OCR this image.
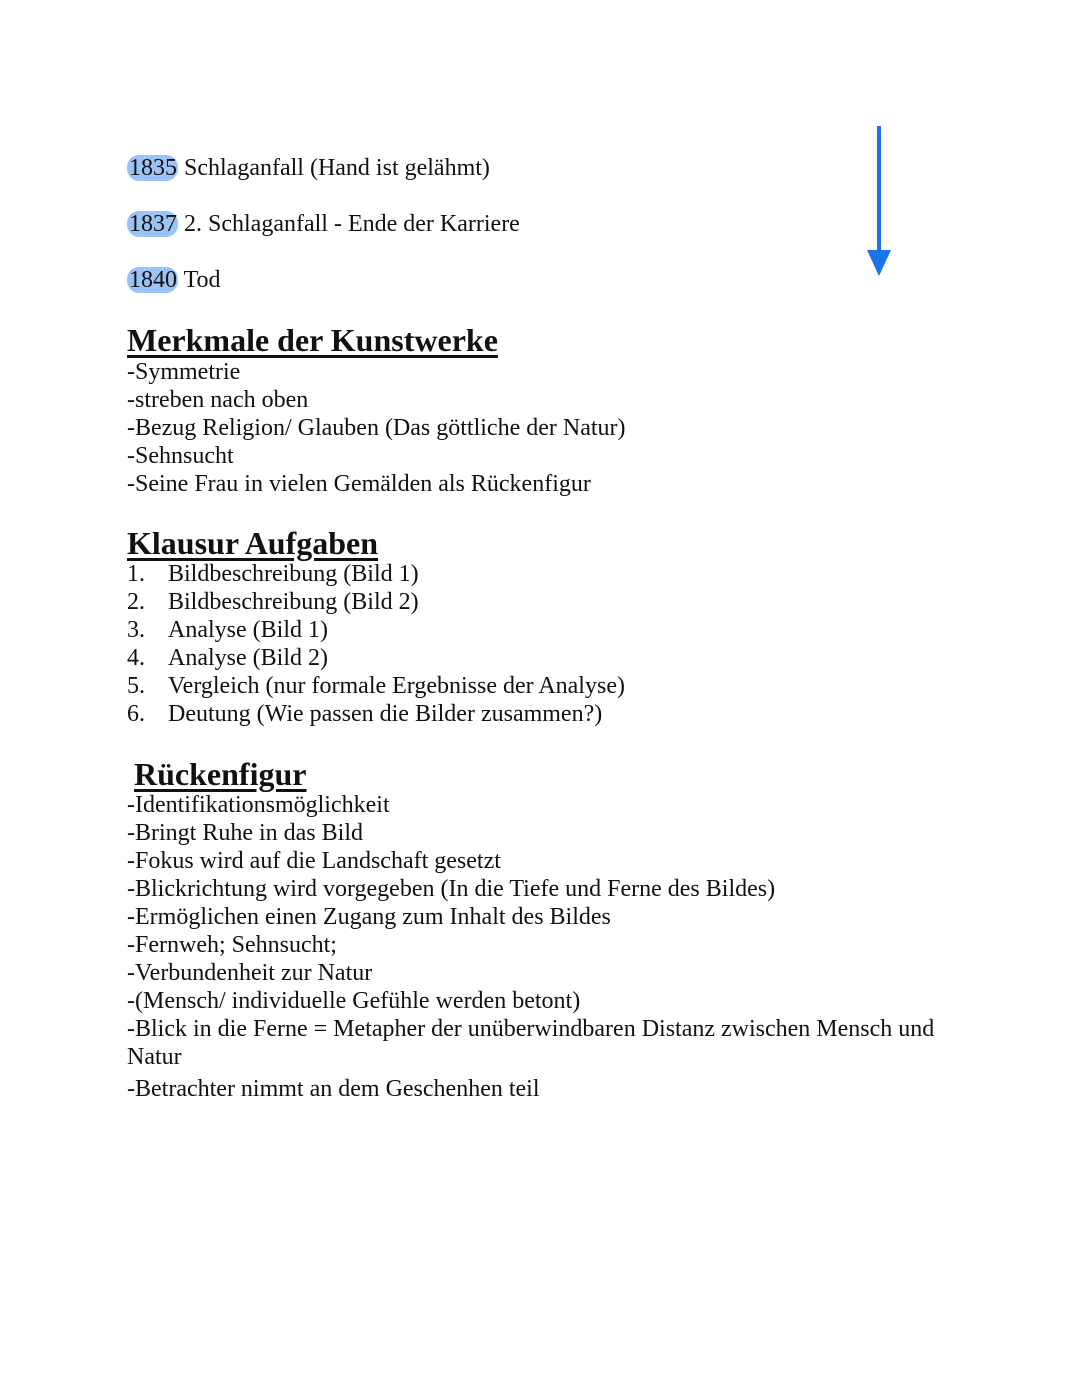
1835 Schlaganfall (Hand ist gelähmt)
1837 2. Schlaganfall - Ende der Karriere
1840 Tod
Merkmale der Kunstwerke
-Symmetrie
-streben nach oben
-Bezug Religion/ Glauben (Das göttliche der Natur)
-Sehnsucht
-Seine Frau in vielen Gemälden als Rückenfigur
Klausur Aufgaben
1. Bildbeschreibung (Bild 1)
2. Bildbeschreibung (Bild 2)
3. Analyse (Bild 1)
4. Analyse (Bild 2)
5. Vergleich (nur formale Ergebnisse der Analyse)
6. Deutung (Wie passen die Bilder zusammen?)
Rückenfigur
-Identifikationsmöglichkeit
-Bringt Ruhe in das Bild
-Fokus wird auf die Landschaft gesetzt
-Blickrichtung wird vorgegeben (In die Tiefe und Ferne des Bildes)
-Ermöglichen einen Zugang zum Inhalt des Bildes
-Fernweh; Sehnsucht;
-Verbundenheit zur Natur
-(Mensch/ individuelle Gefühle werden betont)
-Blick in die Ferne = Metapher der unüberwindbaren Distanz zwischen Mensch und
Natur
-Betrachter nimmt an dem Geschenhen teil
